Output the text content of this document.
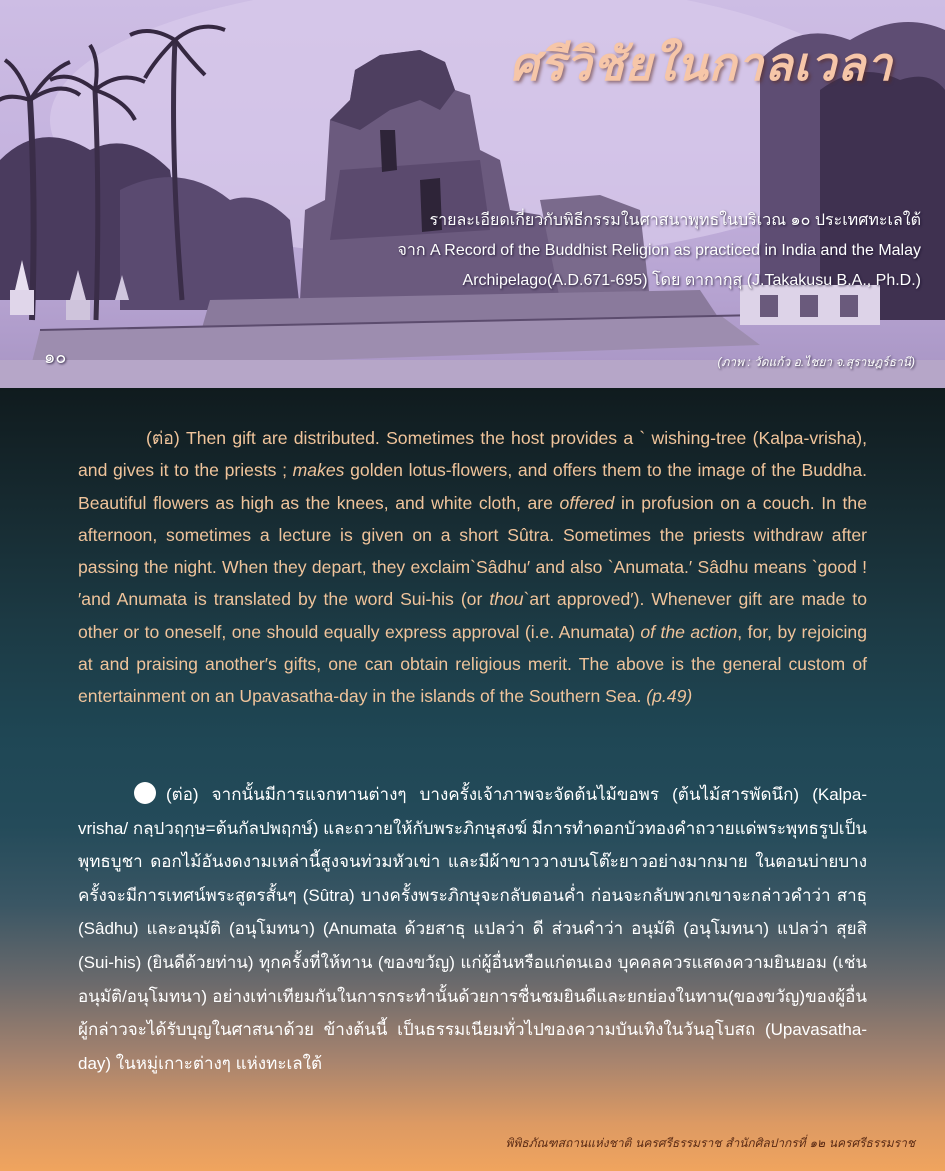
ศรีวิชัยในกาลเวลา
รายละเอียดเกี่ยวกับพิธีกรรมในศาสนาพุทธในบริเวณ ๑๐ ประเทศทะเลใต้
จาก A Record of the Buddhist Religion as practiced in India and the Malay
Archipelago(A.D.671-695) โดย ตากากุสุ (J.Takakusu B.A., Ph.D.)
๑๐	(ภาพ : วัดแก้ว อ.ไชยา จ.สุราษฎร์ธานี)

(ต่อ) Then gift are distributed. Sometimes the host provides a ` wishing-tree (Kalpa-vrisha), and gives it to the priests ; makes golden lotus-flowers, and offers them to the image of the Buddha. Beautiful flowers as high as the knees, and white cloth, are offered in profusion on a couch. In the afternoon, sometimes a lecture is given on a short Sûtra. Sometimes the priests withdraw after passing the night. When they depart, they exclaim`Sâdhu′ and also `Anumata.′ Sâdhu means `good !′and Anumata is translated by the word Sui-his (or thou`art approved′). Whenever gift are made to other or to oneself, one should equally express approval (i.e. Anumata) of the action, for, by rejoicing at and praising another′s gifts, one can obtain religious merit. The above is the general custom of entertainment on an Upavasatha-day in the islands of the Southern Sea. (p.49)

(ต่อ) จากนั้นมีการแจกทานต่างๆ บางครั้งเจ้าภาพจะจัดต้นไม้ขอพร (ต้นไม้สารพัดนึก) (Kalpa-vrisha/ กลฺปวฤกฺษ=ต้นกัลปพฤกษ์) และถวายให้กับพระภิกษุสงฆ์ มีการทำดอกบัวทองคำถวายแด่พระพุทธรูปเป็นพุทธบูชา ดอกไม้อันงดงามเหล่านี้สูงจนท่วมหัวเข่า และมีผ้าขาววางบนโต๊ะยาวอย่างมากมาย ในตอนบ่ายบางครั้งจะมีการเทศน์พระสูตรสั้นๆ (Sûtra) บางครั้งพระภิกษุจะกลับตอนค่ำ ก่อนจะกลับพวกเขาจะกล่าวคำว่า สาธุ (Sâdhu) และอนุมัติ (อนุโมทนา) (Anumata ด้วยสาธุ แปลว่า ดี ส่วนคำว่า อนุมัติ (อนุโมทนา) แปลว่า สุยสิ (Sui-his) (ยินดีด้วยท่าน) ทุกครั้งที่ให้ทาน (ของขวัญ) แก่ผู้อื่นหรือแก่ตนเอง บุคคลควรแสดงความยินยอม (เช่น อนุมัติ/อนุโมทนา) อย่างเท่าเทียมกันในการกระทำนั้นด้วยการชื่นชมยินดีและยกย่องในทาน(ของขวัญ)ของผู้อื่น ผู้กล่าวจะได้รับบุญในศาสนาด้วย ข้างต้นนี้ เป็นธรรมเนียมทั่วไปของความบันเทิงในวันอุโบสถ (Upavasatha-day) ในหมู่เกาะต่างๆ แห่งทะเลใต้

พิพิธภัณฑสถานแห่งชาติ นครศรีธรรมราช สำนักศิลปากรที่ ๑๒ นครศรีธรรมราช
